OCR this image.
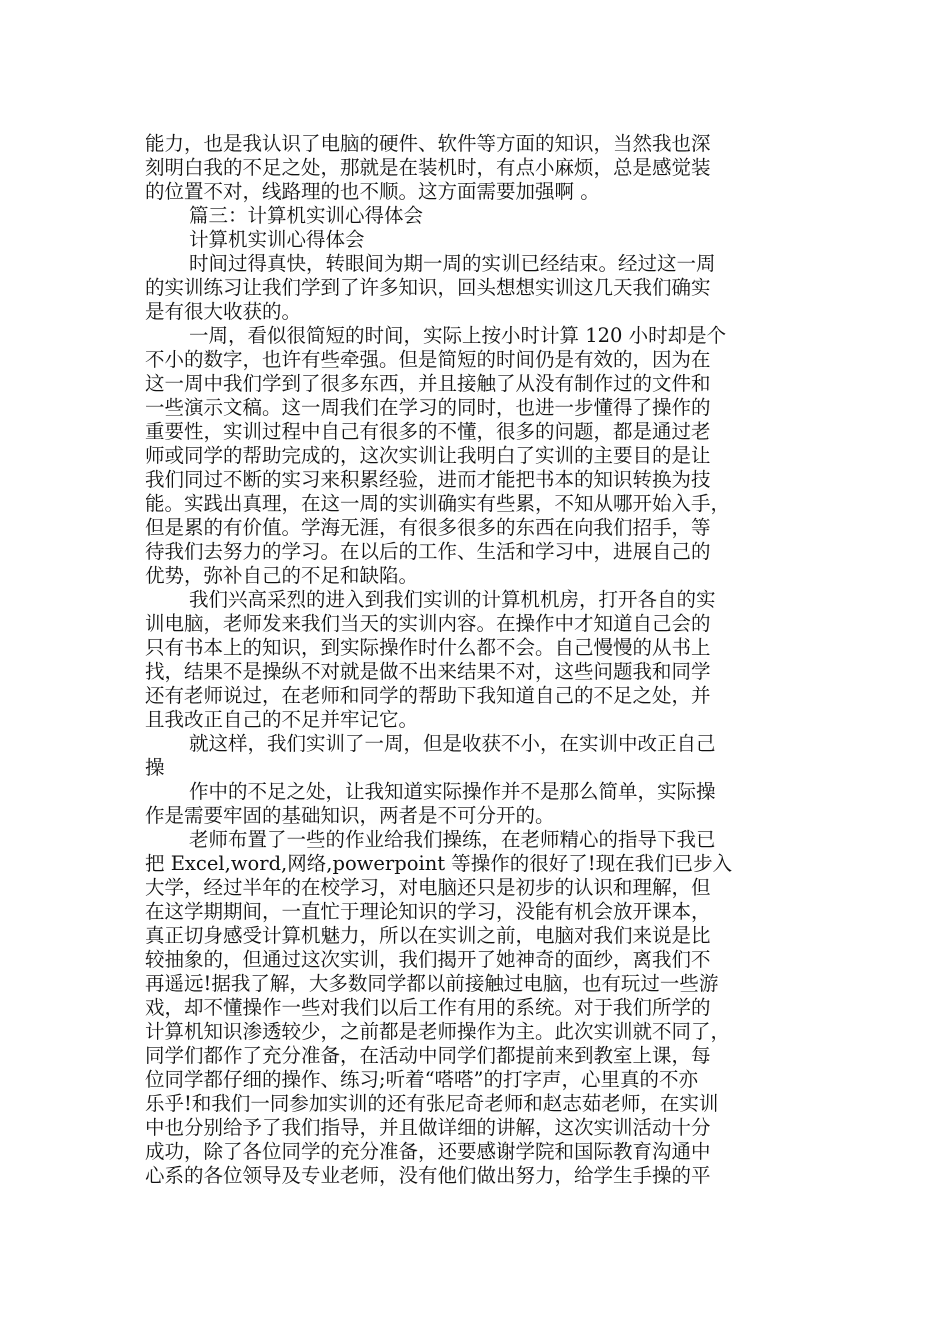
能力，也是我认识了电脑的硬件、软件等方面的知识，当然我也深
刻明白我的不足之处，那就是在装机时，有点小麻烦，总是感觉装
的位置不对，线路理的也不顺。这方面需要加强啊 。
篇三：计算机实训心得体会
计算机实训心得体会
时间过得真快，转眼间为期一周的实训已经结束。经过这一周
的实训练习让我们学到了许多知识，回头想想实训这几天我们确实
是有很大收获的。
一周，看似很简短的时间，实际上按小时计算 120 小时却是个
不小的数字，也许有些牵强。但是简短的时间仍是有效的，因为在
这一周中我们学到了很多东西，并且接触了从没有制作过的文件和
一些演示文稿。这一周我们在学习的同时，也进一步懂得了操作的
重要性，实训过程中自己有很多的不懂，很多的问题，都是通过老
师或同学的帮助完成的，这次实训让我明白了实训的主要目的是让
我们同过不断的实习来积累经验，进而才能把书本的知识转换为技
能。实践出真理，在这一周的实训确实有些累，不知从哪开始入手，
但是累的有价值。学海无涯，有很多很多的东西在向我们招手，等
待我们去努力的学习。在以后的工作、生活和学习中，进展自己的
优势，弥补自己的不足和缺陷。
我们兴高采烈的进入到我们实训的计算机机房，打开各自的实
训电脑，老师发来我们当天的实训内容。在操作中才知道自己会的
只有书本上的知识，到实际操作时什么都不会。自己慢慢的从书上
找，结果不是操纵不对就是做不出来结果不对，这些问题我和同学
还有老师说过，在老师和同学的帮助下我知道自己的不足之处，并
且我改正自己的不足并牢记它。
就这样，我们实训了一周，但是收获不小，在实训中改正自己
操
作中的不足之处，让我知道实际操作并不是那么简单，实际操
作是需要牢固的基础知识，两者是不可分开的。
老师布置了一些的作业给我们操练，在老师精心的指导下我已
把 Excel,word,网络,powerpoint 等操作的很好了!现在我们已步入
大学，经过半年的在校学习，对电脑还只是初步的认识和理解，但
在这学期期间，一直忙于理论知识的学习，没能有机会放开课本，
真正切身感受计算机魅力，所以在实训之前，电脑对我们来说是比
较抽象的，但通过这次实训，我们揭开了她神奇的面纱，离我们不
再遥远!据我了解，大多数同学都以前接触过电脑，也有玩过一些游
戏，却不懂操作一些对我们以后工作有用的系统。对于我们所学的
计算机知识渗透较少，之前都是老师操作为主。此次实训就不同了，
同学们都作了充分准备，在活动中同学们都提前来到教室上课，每
位同学都仔细的操作、练习;听着“嗒嗒”的打字声，心里真的不亦
乐乎!和我们一同参加实训的还有张尼奇老师和赵志茹老师，在实训
中也分别给予了我们指导，并且做详细的讲解，这次实训活动十分
成功，除了各位同学的充分准备，还要感谢学院和国际教育沟通中
心系的各位领导及专业老师，没有他们做出努力，给学生手操的平
